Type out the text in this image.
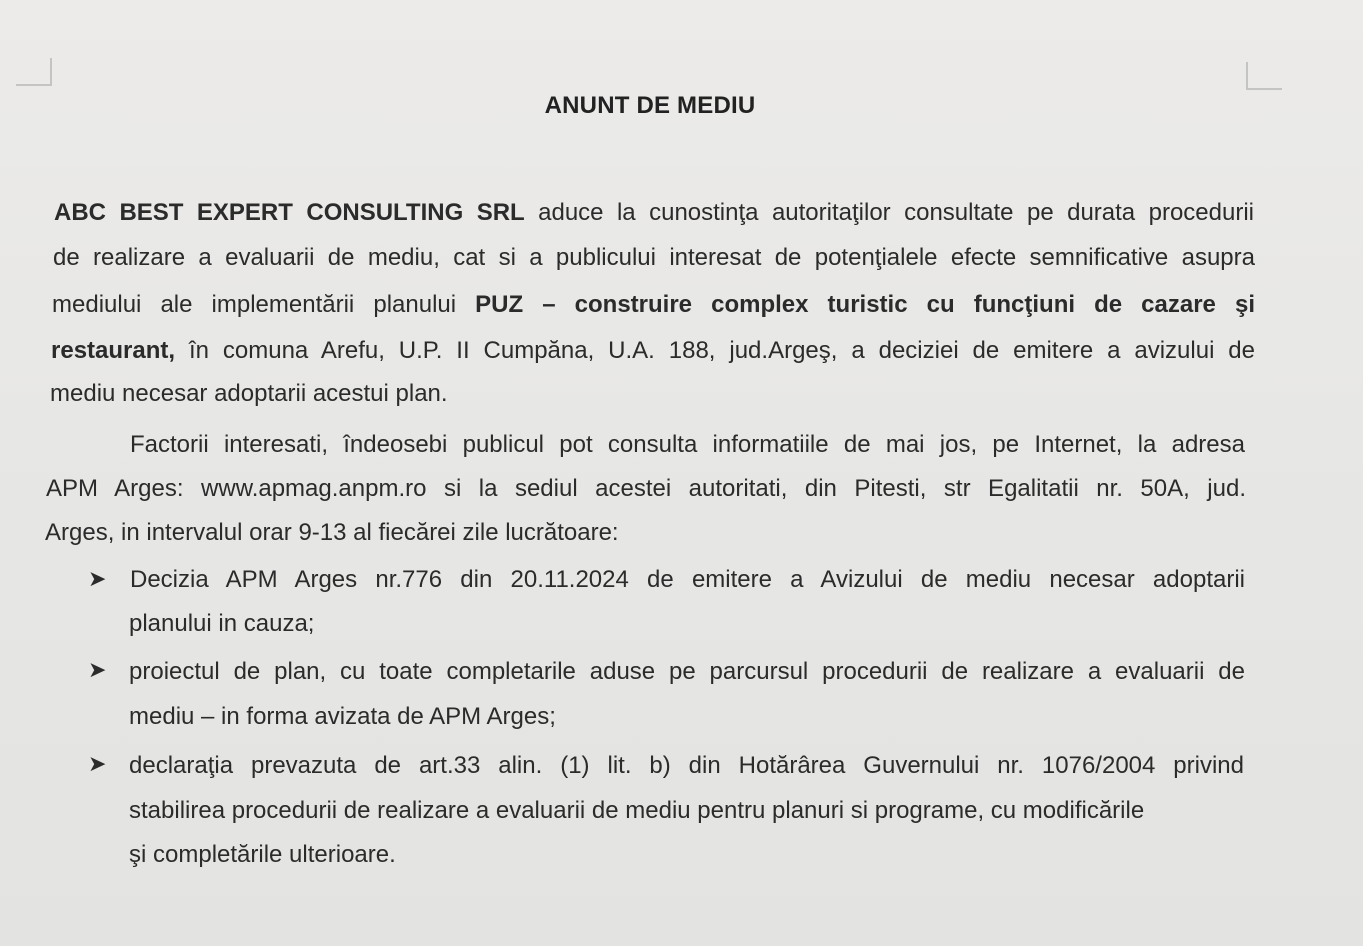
ANUNT DE MEDIU
ABC BEST EXPERT CONSULTING SRL aduce la cunostinţa autoritaţilor consultate pe durata procedurii
de realizare a evaluarii de mediu, cat si a publicului interesat de potenţialele efecte semnificative asupra
mediului ale implementării planului PUZ – construire complex turistic cu funcţiuni de cazare şi
restaurant, în comuna Arefu, U.P. II Cumpăna, U.A. 188, jud.Argeş, a deciziei de emitere a avizului de
mediu necesar adoptarii acestui plan.
Factorii interesati, îndeosebi publicul pot consulta informatiile de mai jos, pe Internet, la adresa
APM Arges: www.apmag.anpm.ro si la sediul acestei autoritati, din Pitesti, str Egalitatii nr. 50A, jud.
Arges, in intervalul orar 9-13 al fiecărei zile lucrătoare:
➤ Decizia APM Arges nr.776 din 20.11.2024 de emitere a Avizului de mediu necesar adoptarii
planului in cauza;
➤ proiectul de plan, cu toate completarile aduse pe parcursul procedurii de realizare a evaluarii de
mediu – in forma avizata de APM Arges;
➤ declaraţia prevazuta de art.33 alin. (1) lit. b) din Hotărârea Guvernului nr. 1076/2004 privind
stabilirea procedurii de realizare a evaluarii de mediu pentru planuri si programe, cu modificările
şi completările ulterioare.
